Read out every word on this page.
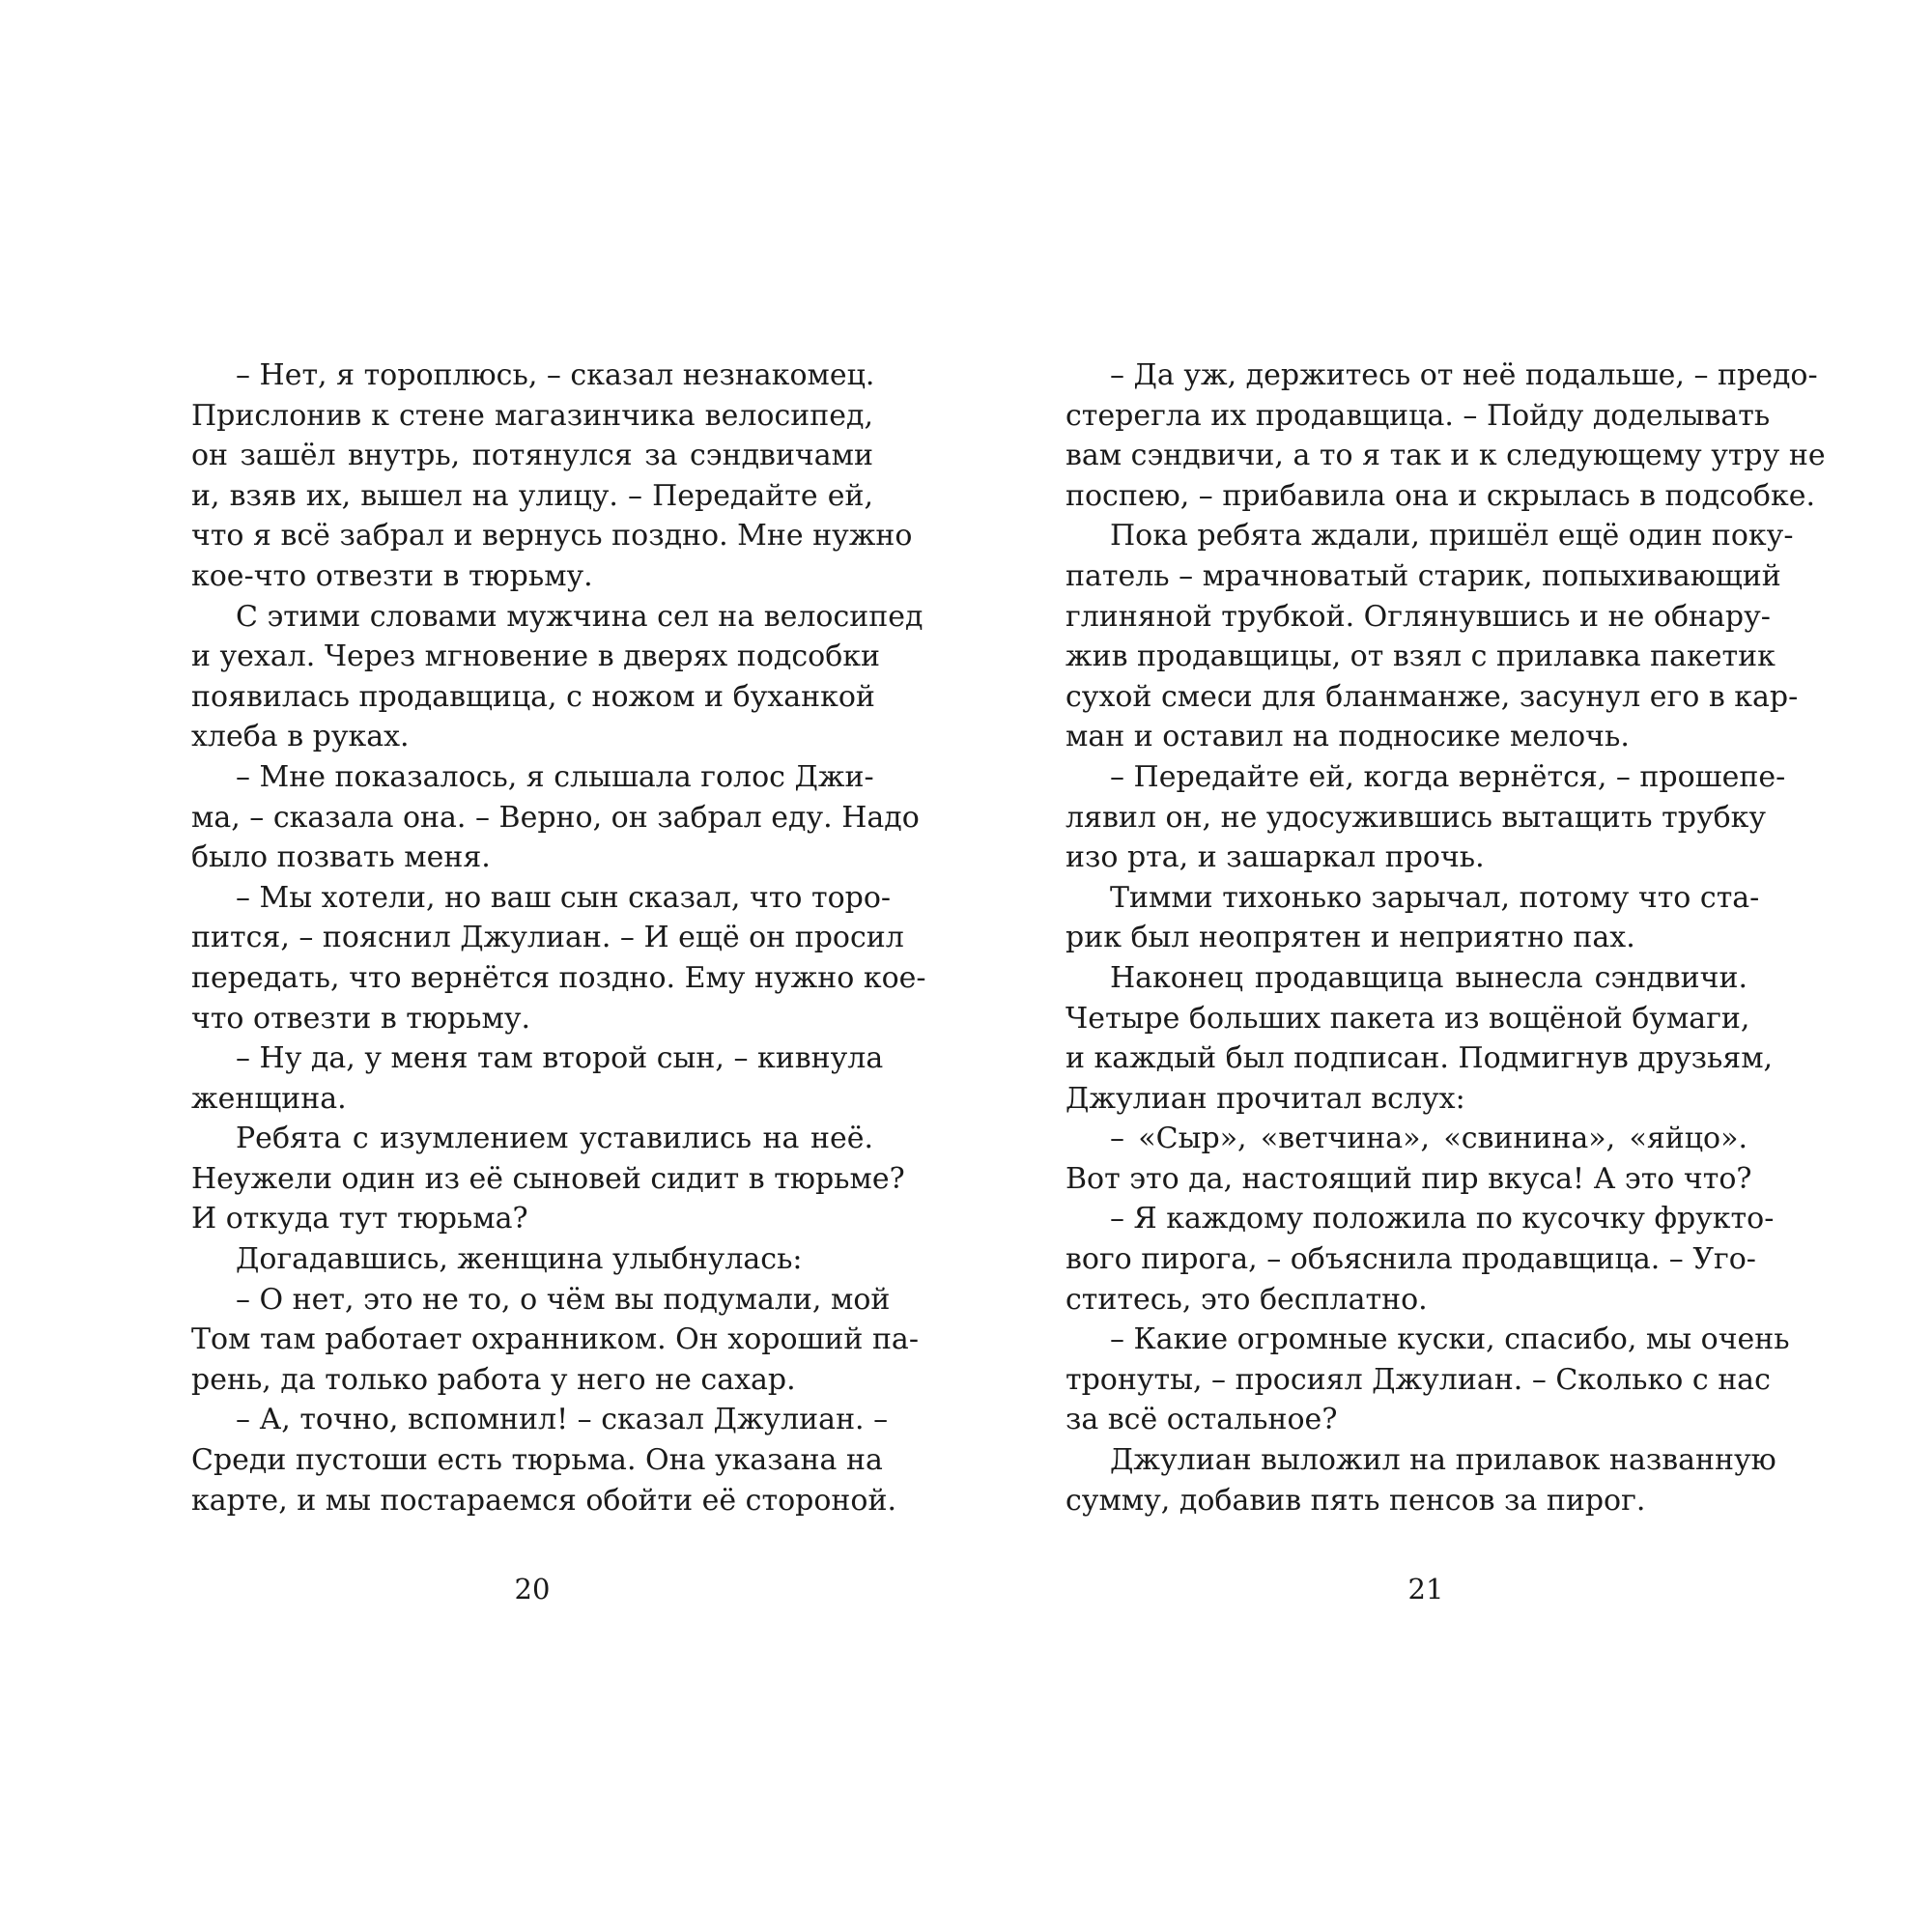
– Нет, я тороплюсь, – сказал незнакомец.
Прислонив к стене магазинчика велосипед,
он зашёл внутрь, потянулся за сэндвичами
и, взяв их, вышел на улицу. – Передайте ей,
что я всё забрал и вернусь поздно. Мне нужно
кое-что отвезти в тюрьму.
С этими словами мужчина сел на велосипед
и уехал. Через мгновение в дверях подсобки
появилась продавщица, с ножом и буханкой
хлеба в руках.
– Мне показалось, я слышала голос Джи-
ма, – сказала она. – Верно, он забрал еду. Надо
было позвать меня.
– Мы хотели, но ваш сын сказал, что торо-
пится, – пояснил Джулиан. – И ещё он просил
передать, что вернётся поздно. Ему нужно кое-
что отвезти в тюрьму.
– Ну да, у меня там второй сын, – кивнула
женщина.
Ребята с изумлением уставились на неё.
Неужели один из её сыновей сидит в тюрьме?
И откуда тут тюрьма?
Догадавшись, женщина улыбнулась:
– О нет, это не то, о чём вы подумали, мой
Том там работает охранником. Он хороший па-
рень, да только работа у него не сахар.
– А, точно, вспомнил! – сказал Джулиан. –
Среди пустоши есть тюрьма. Она указана на
карте, и мы постараемся обойти её стороной.
– Да уж, держитесь от неё подальше, – предо-
стерегла их продавщица. – Пойду доделывать
вам сэндвичи, а то я так и к следующему утру не
поспею, – прибавила она и скрылась в подсобке.
Пока ребята ждали, пришёл ещё один поку-
патель – мрачноватый старик, попыхивающий
глиняной трубкой. Оглянувшись и не обнару-
жив продавщицы, от взял с прилавка пакетик
сухой смеси для бланманже, засунул его в кар-
ман и оставил на подносике мелочь.
– Передайте ей, когда вернётся, – прошепе-
лявил он, не удосужившись вытащить трубку
изо рта, и зашаркал прочь.
Тимми тихонько зарычал, потому что ста-
рик был неопрятен и неприятно пах.
Наконец продавщица вынесла сэндвичи.
Четыре больших пакета из вощёной бумаги,
и каждый был подписан. Подмигнув друзьям,
Джулиан прочитал вслух:
– «Сыр», «ветчина», «свинина», «яйцо».
Вот это да, настоящий пир вкуса! А это что?
– Я каждому положила по кусочку фрукто-
вого пирога, – объяснила продавщица. – Уго-
ститесь, это бесплатно.
– Какие огромные куски, спасибо, мы очень
тронуты, – просиял Джулиан. – Сколько с нас
за всё остальное?
Джулиан выложил на прилавок названную
сумму, добавив пять пенсов за пирог.
20	21
